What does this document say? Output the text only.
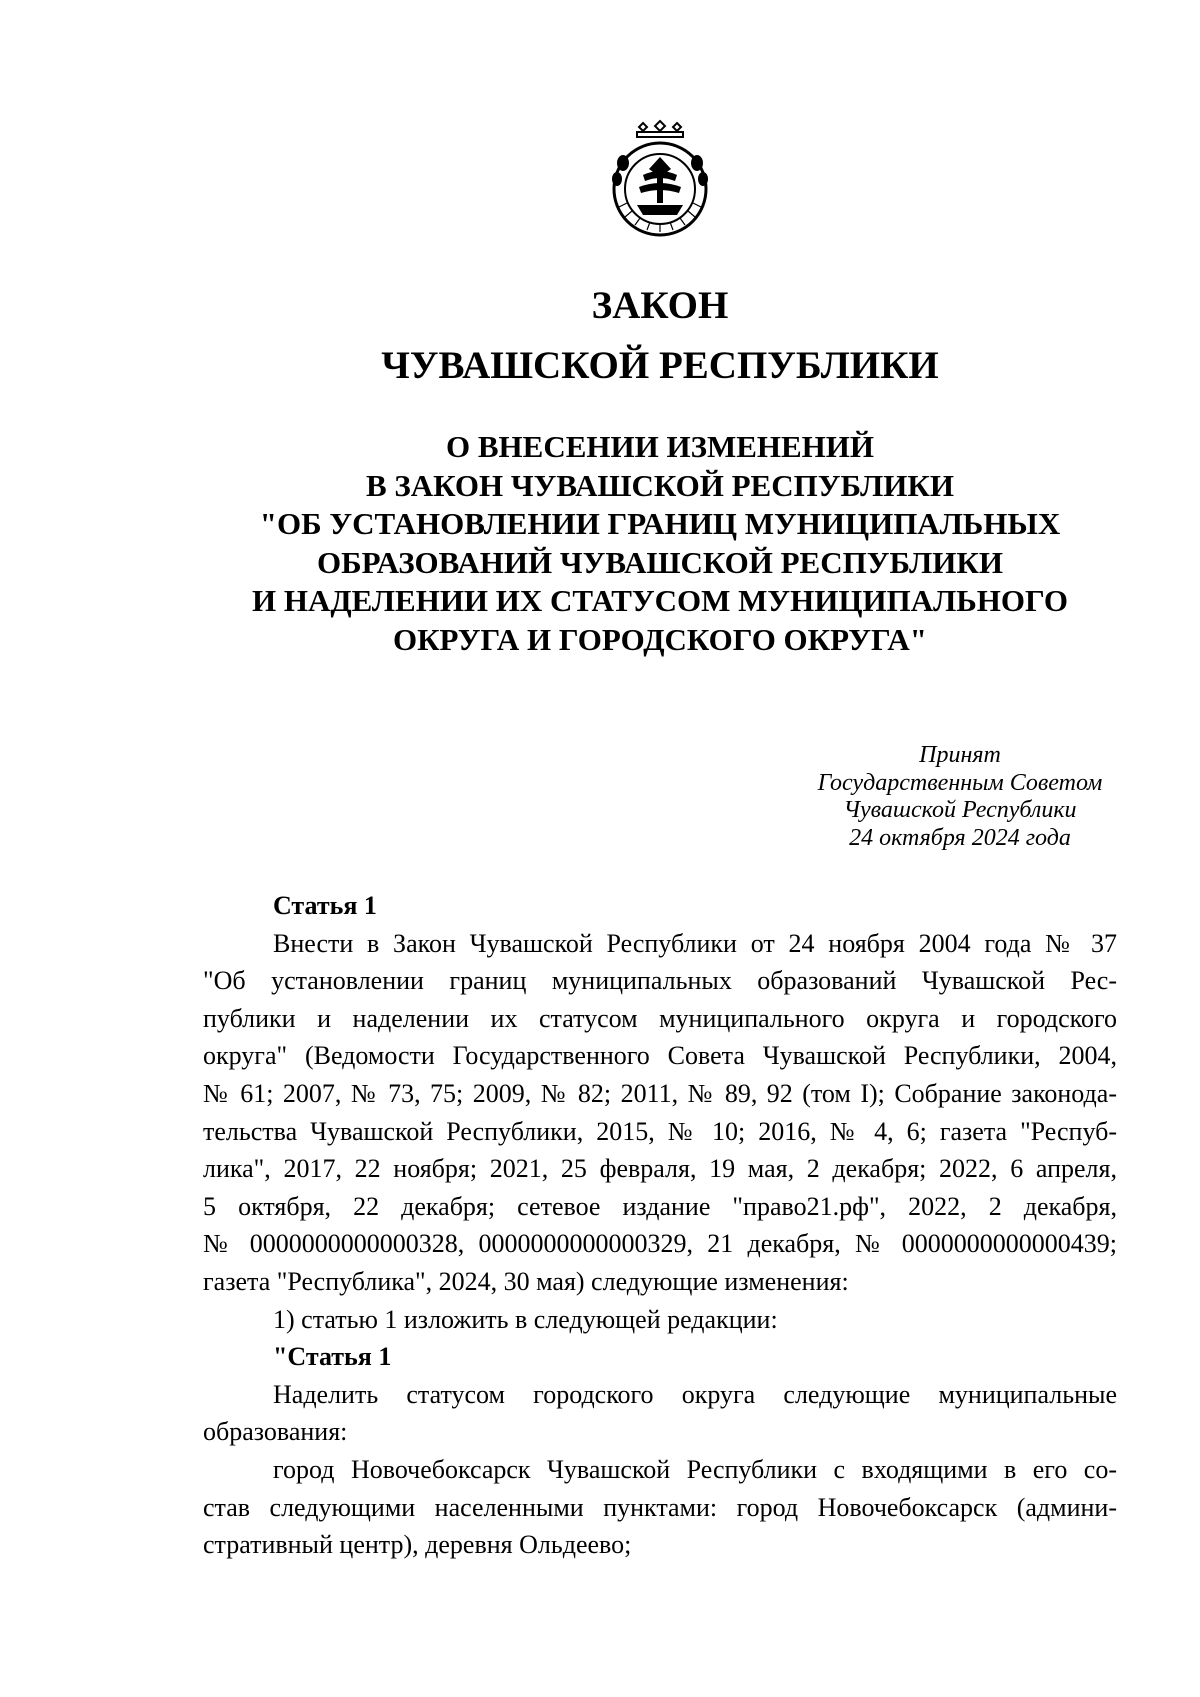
ЗАКОН
ЧУВАШСКОЙ РЕСПУБЛИКИ
О ВНЕСЕНИИ ИЗМЕНЕНИЙ
В ЗАКОН ЧУВАШСКОЙ РЕСПУБЛИКИ
"ОБ УСТАНОВЛЕНИИ ГРАНИЦ МУНИЦИПАЛЬНЫХ
ОБРАЗОВАНИЙ ЧУВАШСКОЙ РЕСПУБЛИКИ
И НАДЕЛЕНИИ ИХ СТАТУСОМ МУНИЦИПАЛЬНОГО
ОКРУГА И ГОРОДСКОГО ОКРУГА"
Принят
Государственным Советом
Чувашской Республики
24 октября 2024 года

Статья 1

Внести в Закон Чувашской Республики от 24 ноября 2004 года № 37
"Об установлении границ муниципальных образований Чувашской Рес-
публики и наделении их статусом муниципального округа и городского
округа" (Ведомости Государственного Совета Чувашской Республики, 2004,
№ 61; 2007, № 73, 75; 2009, № 82; 2011, № 89, 92 (том I); Собрание законода-
тельства Чувашской Республики, 2015, № 10; 2016, № 4, 6; газета "Респуб-
лика", 2017, 22 ноября; 2021, 25 февраля, 19 мая, 2 декабря; 2022, 6 апреля,
5 октября, 22 декабря; сетевое издание "право21.рф", 2022, 2 декабря,
№ 0000000000000328, 0000000000000329, 21 декабря, № 0000000000000439;
газета "Республика", 2024, 30 мая) следующие изменения:

1) статью 1 изложить в следующей редакции:

"Статья 1

Наделить статусом городского округа следующие муниципальные
образования:
город Новочебоксарск Чувашской Республики с входящими в его со-
став следующими населенными пунктами: город Новочебоксарск (админи-
стративный центр), деревня Ольдеево;
